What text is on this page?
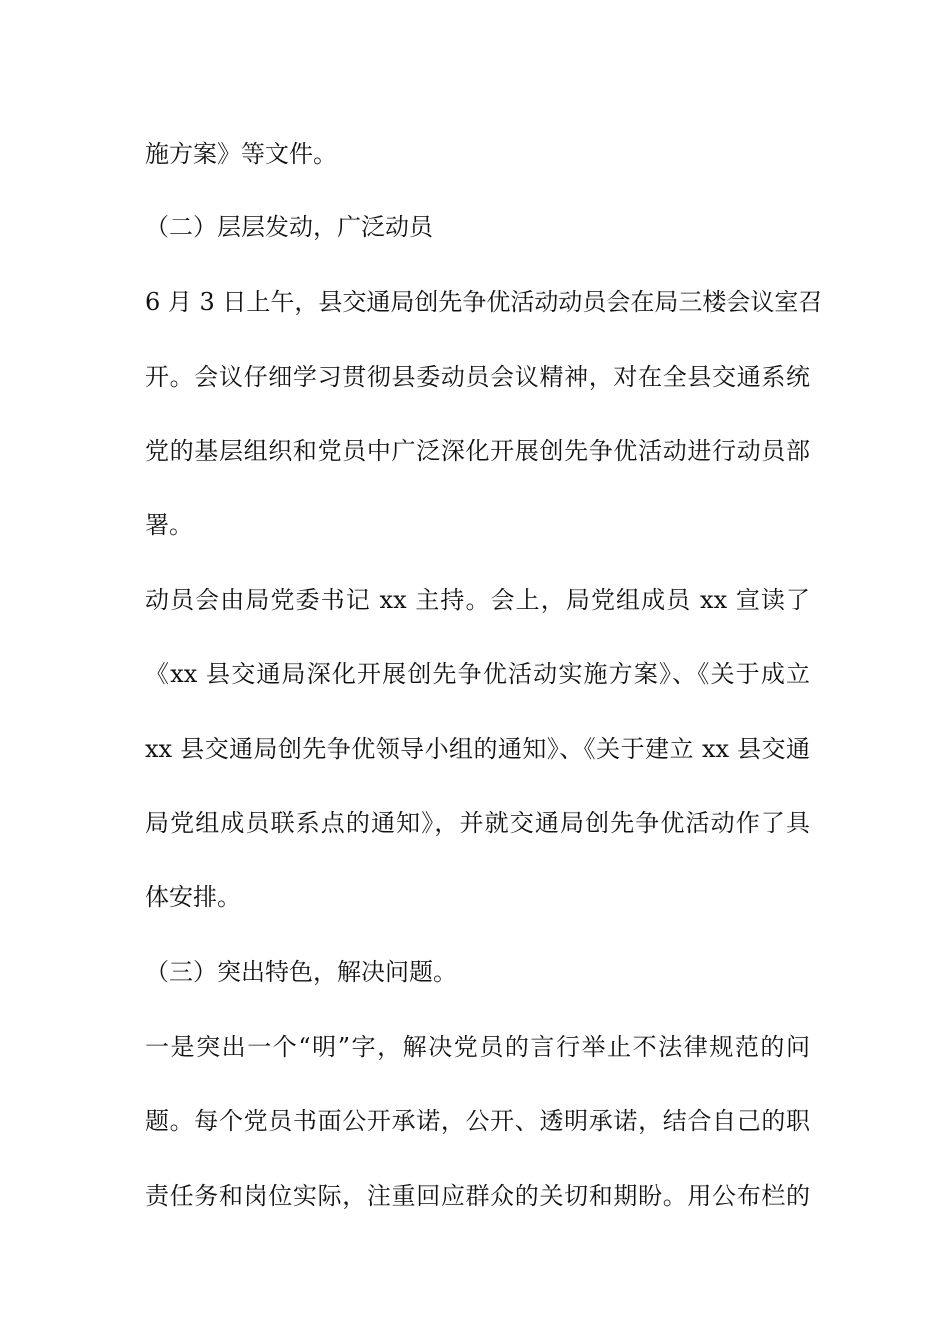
施方案》等文件。
（二）层层发动，广泛动员
6 月 3 日上午，县交通局创先争优活动动员会在局三楼会议室召
开。会议仔细学习贯彻县委动员会议精神，对在全县交通系统
党的基层组织和党员中广泛深化开展创先争优活动进行动员部
署。
动员会由局党委书记 xx 主持。会上，局党组成员 xx 宣读了
《xx 县交通局深化开展创先争优活动实施方案》、《关于成立
xx 县交通局创先争优领导小组的通知》、《关于建立 xx 县交通
局党组成员联系点的通知》，并就交通局创先争优活动作了具
体安排。
（三）突出特色，解决问题。
一是突出一个“明”字，解决党员的言行举止不法律规范的问
题。每个党员书面公开承诺，公开、透明承诺，结合自己的职
责任务和岗位实际，注重回应群众的关切和期盼。用公布栏的
